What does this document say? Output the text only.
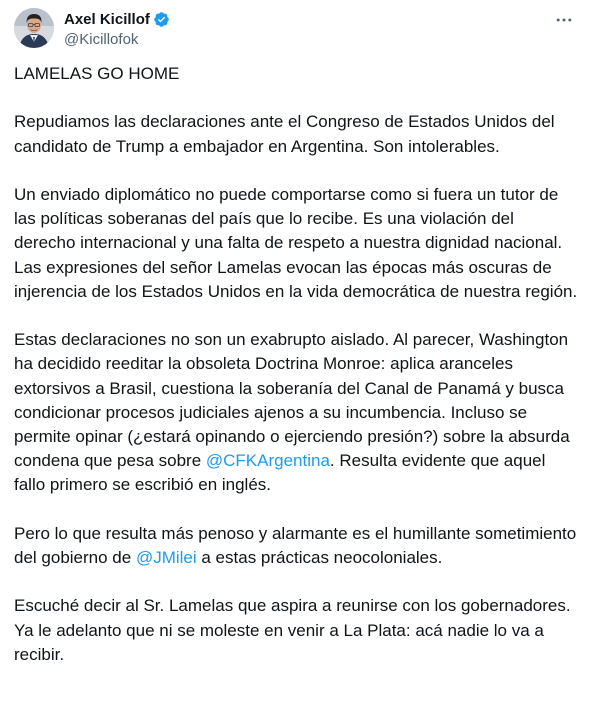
Axel Kicillof
@Kicillofok

LAMELAS GO HOME

Repudiamos las declaraciones ante el Congreso de Estados Unidos del candidato de Trump a embajador en Argentina. Son intolerables.

Un enviado diplomático no puede comportarse como si fuera un tutor de las políticas soberanas del país que lo recibe. Es una violación del derecho internacional y una falta de respeto a nuestra dignidad nacional. Las expresiones del señor Lamelas evocan las épocas más oscuras de injerencia de los Estados Unidos en la vida democrática de nuestra región.

Estas declaraciones no son un exabrupto aislado. Al parecer, Washington ha decidido reeditar la obsoleta Doctrina Monroe: aplica aranceles extorsivos a Brasil, cuestiona la soberanía del Canal de Panamá y busca condicionar procesos judiciales ajenos a su incumbencia. Incluso se permite opinar (¿estará opinando o ejerciendo presión?) sobre la absurda condena que pesa sobre @CFKArgentina. Resulta evidente que aquel fallo primero se escribió en inglés.

Pero lo que resulta más penoso y alarmante es el humillante sometimiento del gobierno de @JMilei a estas prácticas neocoloniales.

Escuché decir al Sr. Lamelas que aspira a reunirse con los gobernadores. Ya le adelanto que ni se moleste en venir a La Plata: acá nadie lo va a recibir.
